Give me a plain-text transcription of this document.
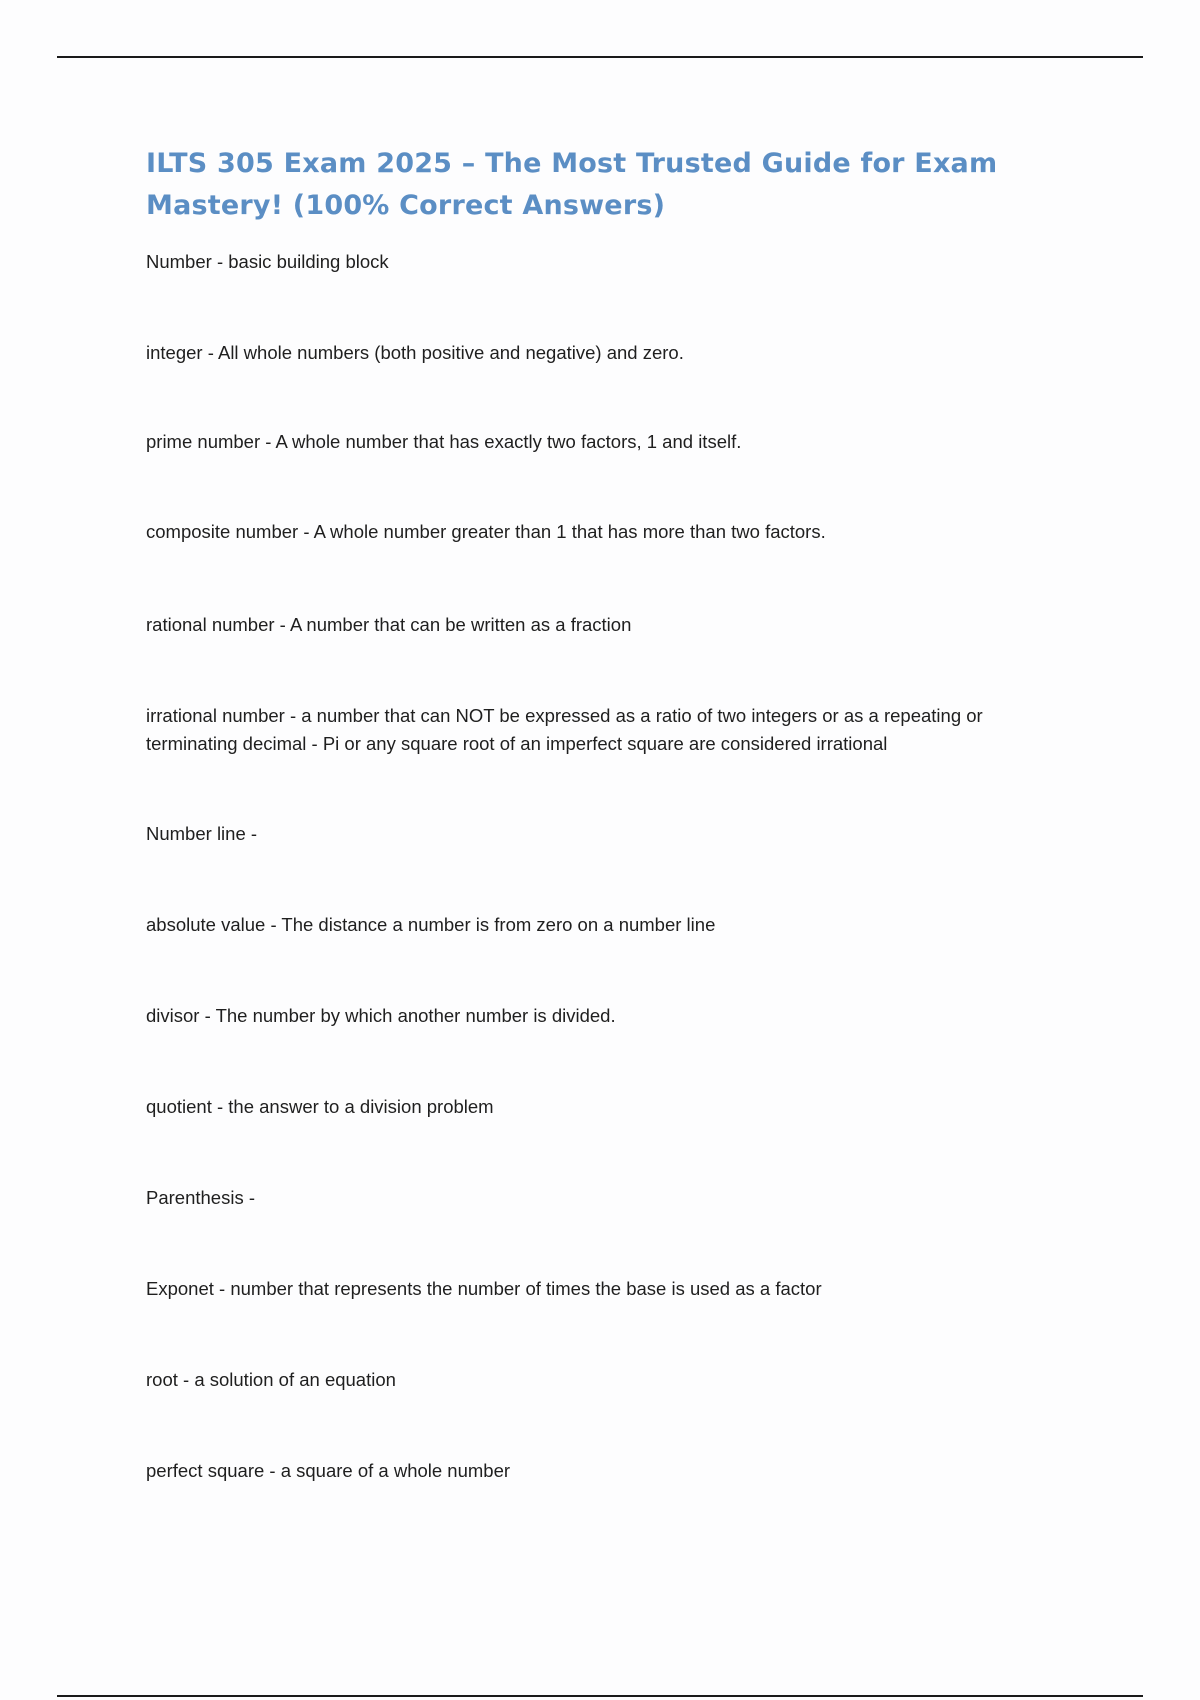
ILTS 305 Exam 2025 – The Most Trusted Guide for Exam Mastery! (100% Correct Answers)

Number - basic building block

integer - All whole numbers (both positive and negative) and zero.

prime number - A whole number that has exactly two factors, 1 and itself.

composite number - A whole number greater than 1 that has more than two factors.

rational number - A number that can be written as a fraction

irrational number - a number that can NOT be expressed as a ratio of two integers or as a repeating or terminating decimal - Pi or any square root of an imperfect square are considered irrational

Number line -

absolute value - The distance a number is from zero on a number line

divisor - The number by which another number is divided.

quotient - the answer to a division problem

Parenthesis -

Exponet - number that represents the number of times the base is used as a factor

root - a solution of an equation

perfect square - a square of a whole number
